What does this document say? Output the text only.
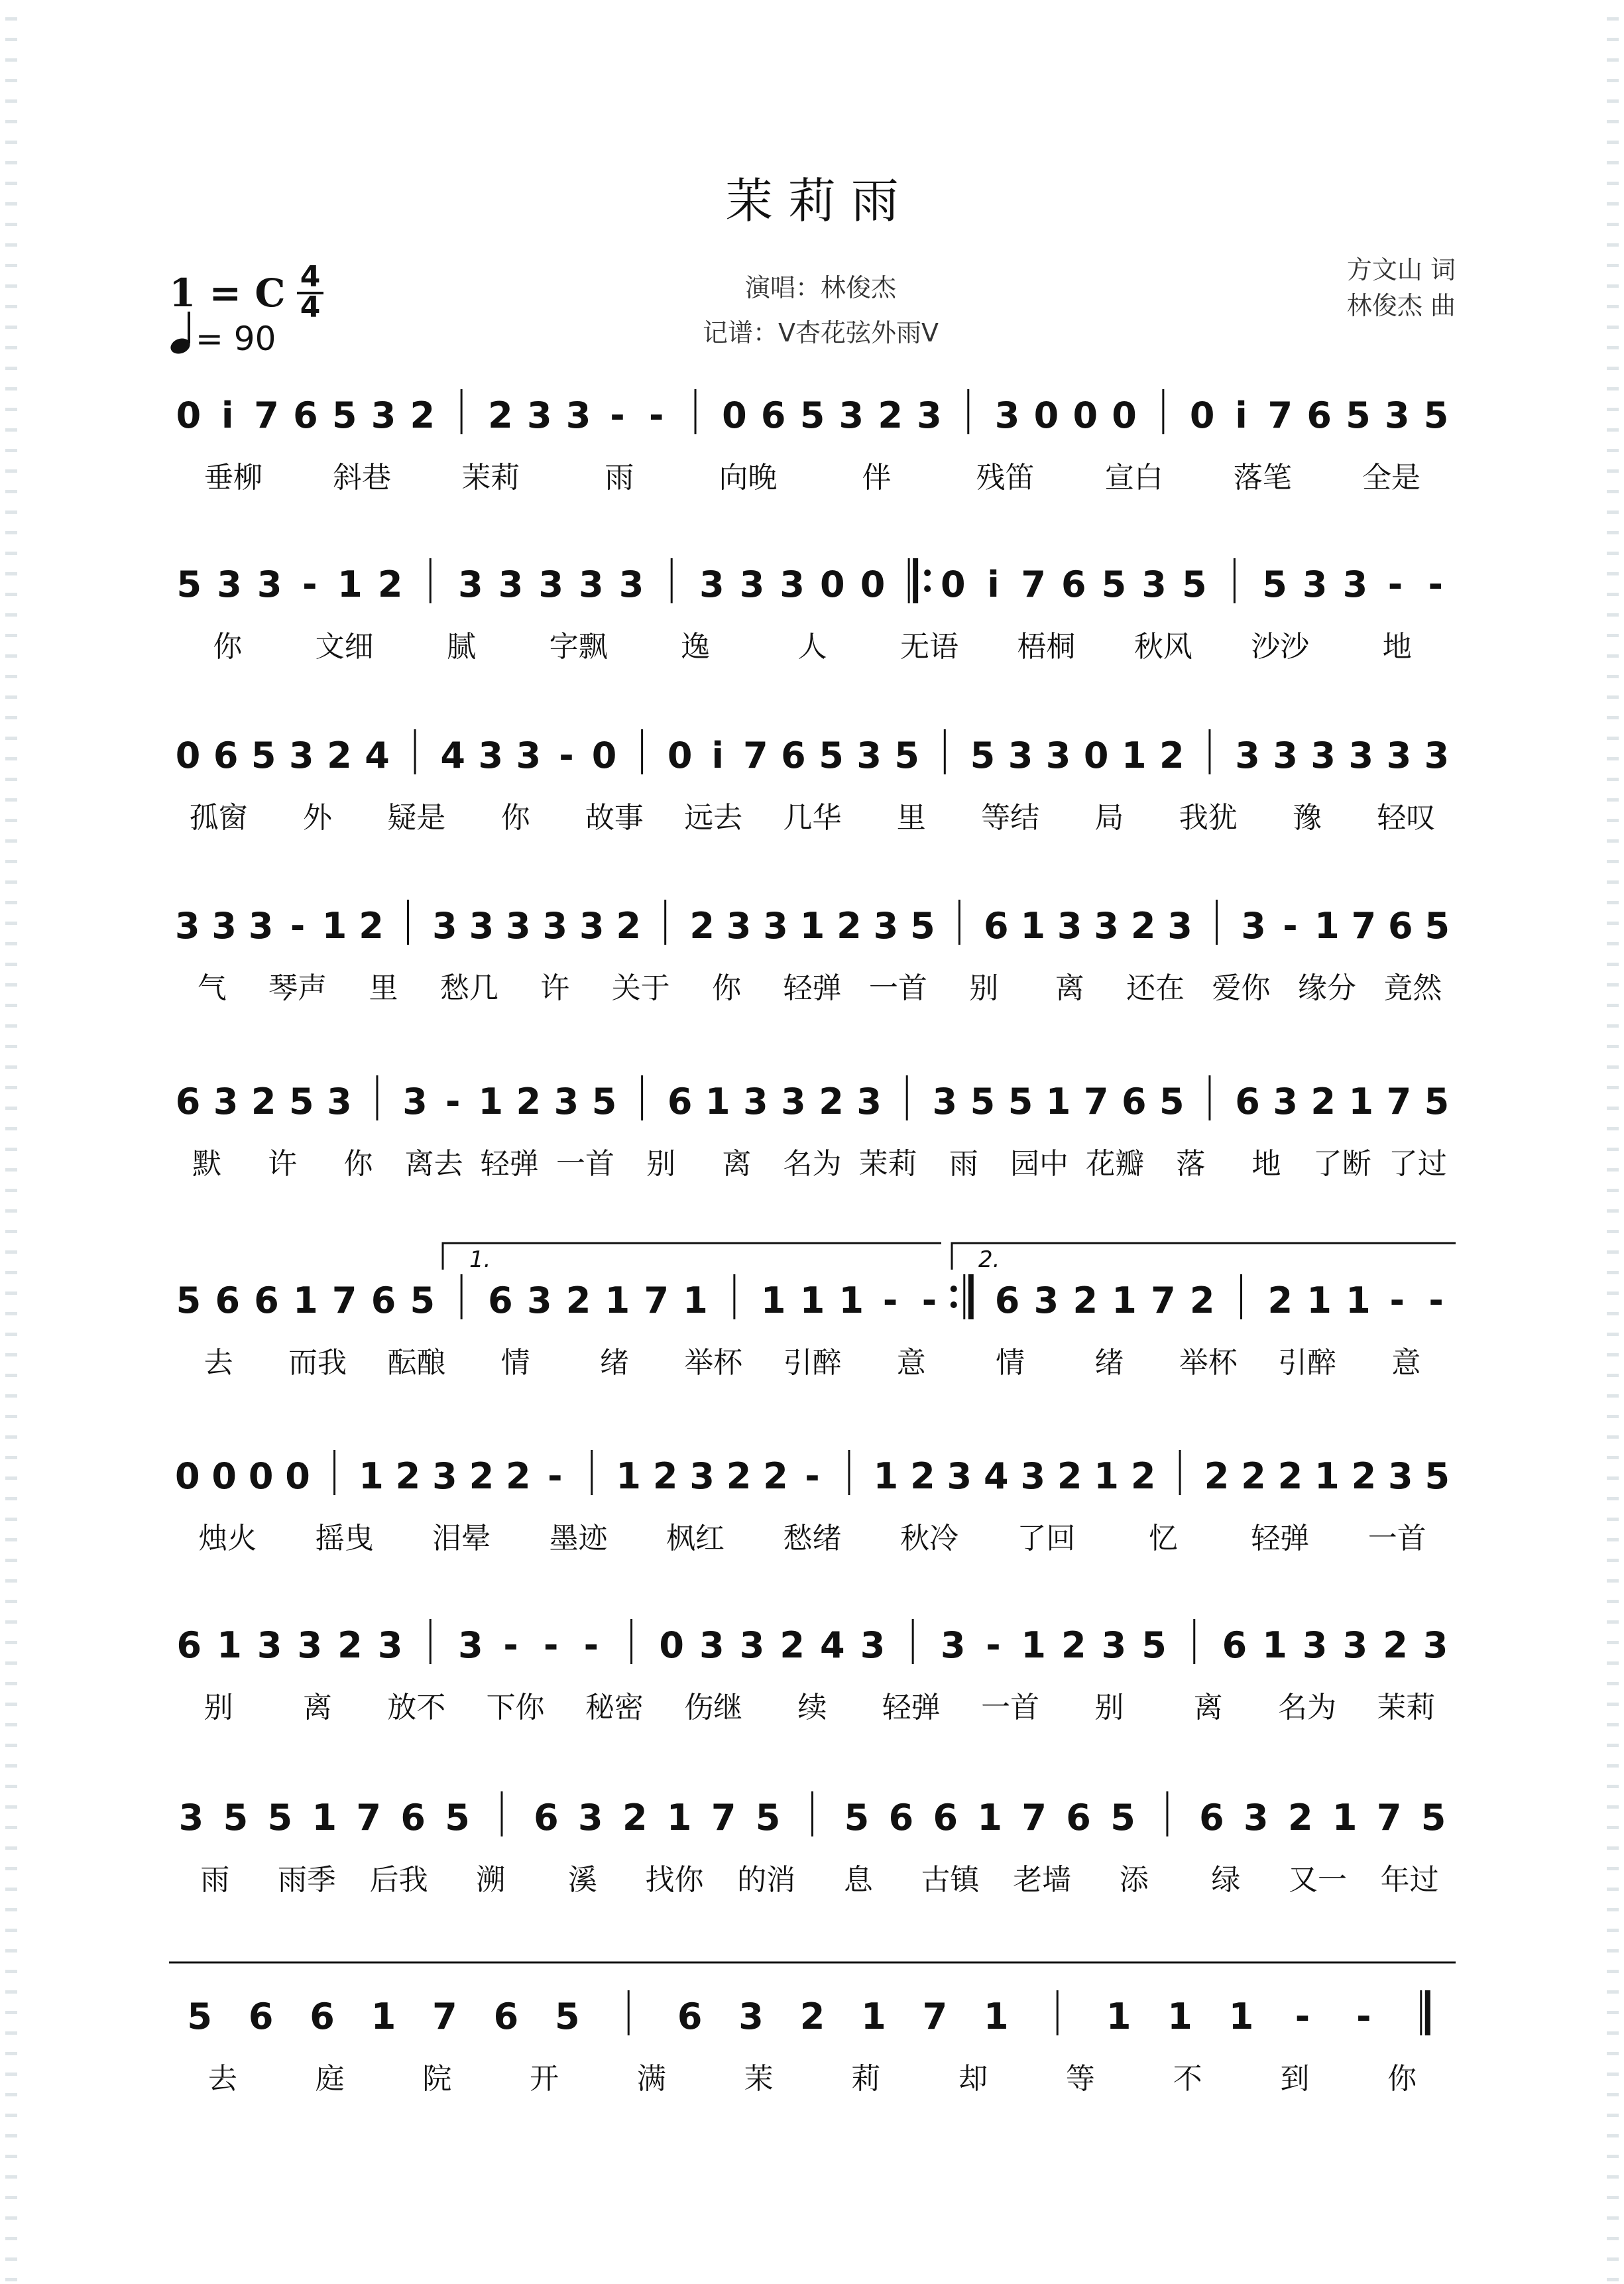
茉 莉 雨
1 = C 4
4
= 90
演唱：林俊杰
记谱：V杏花弦外雨V
方文山 词
林俊杰 曲
0 i̇ 7 6 5 3 2 2 3 3 - - 0 6 5 3 2 3 3 0 0 0 0 i̇ 7 6 5 3 5
垂柳 斜巷 茉莉	雨	向晚	伴	残笛 宣白 落笔 全是
5 3 3 - 1 2 3 3 3 3 3 3 3 3 0 0 0 i̇ 7 6 5 3 5 5 3 3 - -
你	文细	腻	字飘	逸	人	无语 梧桐 秋风 沙沙	地
0 6 5 3 2 4 4 3 3 - 0 0 i̇ 7 6 5 3 5 5 3 3 0 1 2 3 3 3 3 3 3
孤窗 外 疑是 你 故事 远去 几华 里 等结 局 我犹 豫 轻叹
3 3 3 - 1 2 3 3 3 3 3 2 2 3 3 1 2 3 5 6 1 3 3 2 3 3 - 1 7 6 5
气 琴声 里 愁几 许 关于 你 轻弹 一首 别 离 还在 爱你 缘分 竟然
6 3 2 5 3 3 - 1 2 3 5 6 1 3 3 2 3 3 5 5 1 7 6 5 6 3 2 1 7 5
默 许 你 离去 轻弹 一首 别 离 名为 茉莉 雨 园中 花瓣 落 地 了断 了过
5 6 6 1 7 6 5 6 3 2 1 7 1 1 1 1 - - 6 3 2 1 7 2 2 1 1 - -
去 而我 酝酿 情 绪 举杯 引醉 意 情 绪 举杯 引醉 意
0 0 0 0 1 2 3 2 2 - 1 2 3 2 2 - 1 2 3 4 3 2 1 2 2 2 2 1 2 3 5
烛火 摇曳 泪晕 墨迹 枫红 愁绪 秋冷 了回	忆	轻弹 一首
6 1 3 3 2 3 3 - - - 0 3 3 2 4 3 3 - 1 2 3 5 6 1 3 3 2 3
别 离 放不 下你 秘密 伤继 续 轻弹 一首 别 离 名为 茉莉
3 5 5 1 7 6 5 6 3 2 1 7 5 5 6 6 1 7 6 5 6 3 2 1 7 5
雨 雨季 后我 溯 溪 找你 的消 息 古镇 老墙 添 绿 又一 年过
5 6 6 1 7 6 5	6 3 2 1 7 1	1 1 1 - -
去	庭	院	开	满	茉	莉	却	等	不	到	你
1.	2.
